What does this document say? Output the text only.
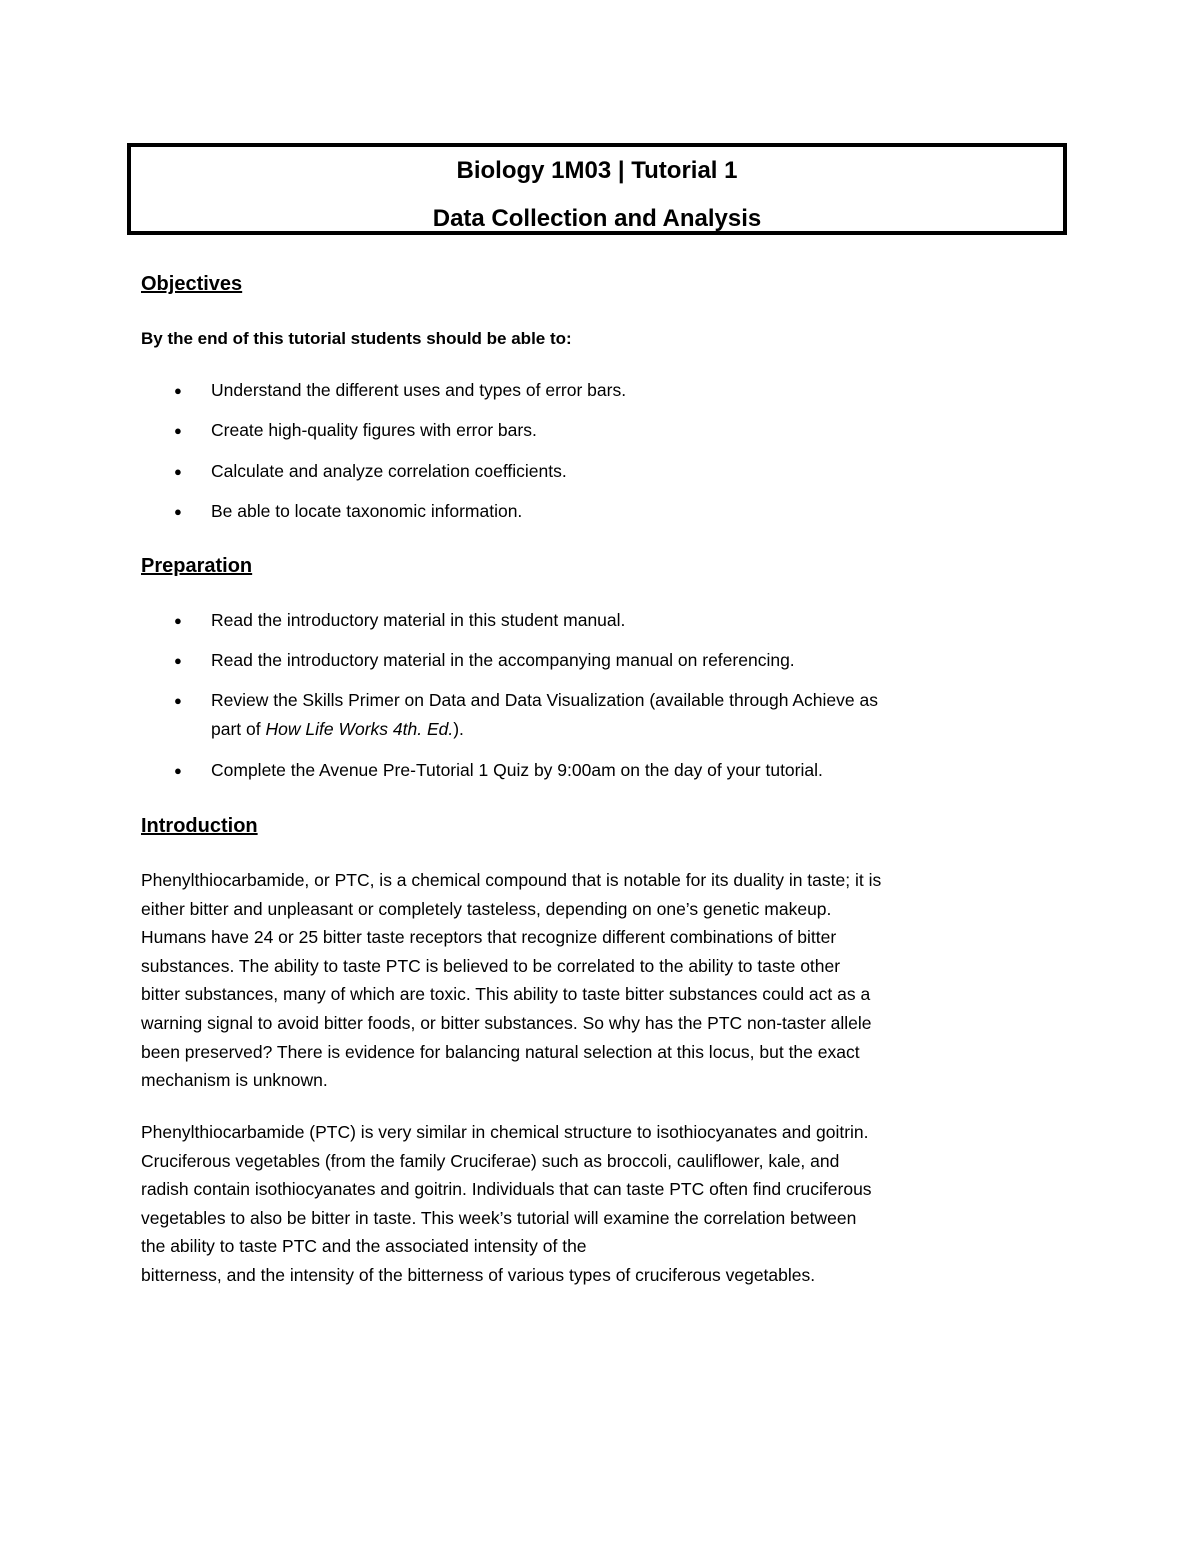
Biology 1M03 | Tutorial 1
Data Collection and Analysis
Objectives
By the end of this tutorial students should be able to:
●	Understand the different uses and types of error bars.
●	Create high-quality figures with error bars.
●	Calculate and analyze correlation coefficients.
●	Be able to locate taxonomic information.
Preparation
●	Read the introductory material in this student manual.
●	Read the introductory material in the accompanying manual on referencing.
●	Review the Skills Primer on Data and Data Visualization (available through Achieve as
part of How Life Works 4th. Ed.).
●	Complete the Avenue Pre-Tutorial 1 Quiz by 9:00am on the day of your tutorial.
Introduction
Phenylthiocarbamide, or PTC, is a chemical compound that is notable for its duality in taste; it is
either bitter and unpleasant or completely tasteless, depending on one’s genetic makeup.
Humans have 24 or 25 bitter taste receptors that recognize different combinations of bitter
substances. The ability to taste PTC is believed to be correlated to the ability to taste other
bitter substances, many of which are toxic. This ability to taste bitter substances could act as a
warning signal to avoid bitter foods, or bitter substances. So why has the PTC non-taster allele
been preserved? There is evidence for balancing natural selection at this locus, but the exact
mechanism is unknown.
Phenylthiocarbamide (PTC) is very similar in chemical structure to isothiocyanates and goitrin.
Cruciferous vegetables (from the family Cruciferae) such as broccoli, cauliflower, kale, and
radish contain isothiocyanates and goitrin. Individuals that can taste PTC often find cruciferous
vegetables to also be bitter in taste. This week’s tutorial will examine the correlation between
the ability to taste PTC and the associated intensity of the
bitterness, and the intensity of the bitterness of various types of cruciferous vegetables.
